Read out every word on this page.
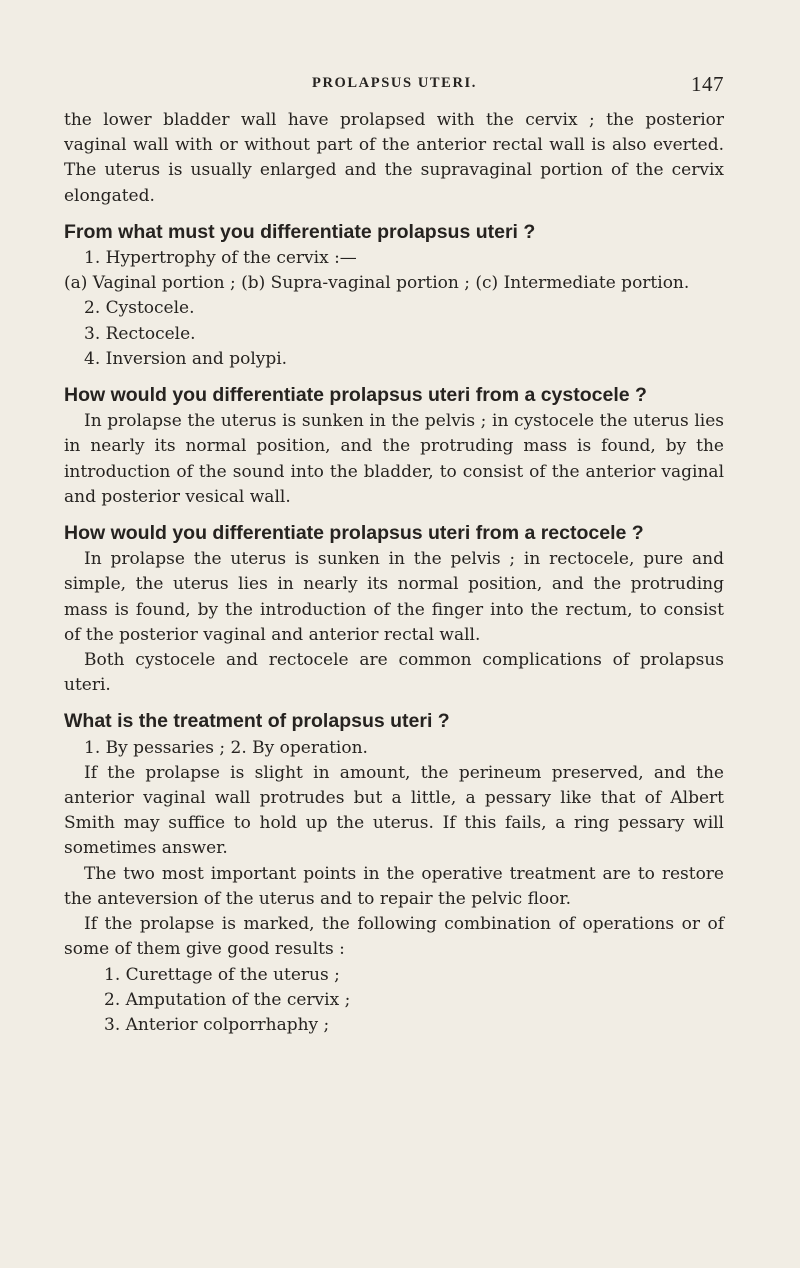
PROLAPSUS UTERI.	147

the lower bladder wall have prolapsed with the cervix ; the posterior vaginal wall with or without part of the anterior rectal wall is also everted. The uterus is usually enlarged and the supravaginal portion of the cervix elongated.

From what must you differentiate prolapsus uteri ?

1. Hypertrophy of the cervix :—

(a) Vaginal portion ; (b) Supra-vaginal portion ; (c) Intermediate portion.

2. Cystocele.

3. Rectocele.

4. Inversion and polypi.

How would you differentiate prolapsus uteri from a cystocele ?

In prolapse the uterus is sunken in the pelvis ; in cystocele the uterus lies in nearly its normal position, and the protruding mass is found, by the introduction of the sound into the bladder, to consist of the anterior vaginal and posterior vesical wall.

How would you differentiate prolapsus uteri from a rectocele ?

In prolapse the uterus is sunken in the pelvis ; in rectocele, pure and simple, the uterus lies in nearly its normal position, and the protruding mass is found, by the introduction of the finger into the rectum, to consist of the posterior vaginal and anterior rectal wall.

Both cystocele and rectocele are common complications of prolapsus uteri.

What is the treatment of prolapsus uteri ?

1. By pessaries ; 2. By operation.

If the prolapse is slight in amount, the perineum preserved, and the anterior vaginal wall protrudes but a little, a pessary like that of Albert Smith may suffice to hold up the uterus. If this fails, a ring pessary will sometimes answer.

The two most important points in the operative treatment are to restore the anteversion of the uterus and to repair the pelvic floor.

If the prolapse is marked, the following combination of operations or of some of them give good results :

1. Curettage of the uterus ;

2. Amputation of the cervix ;

3. Anterior colporrhaphy ;
